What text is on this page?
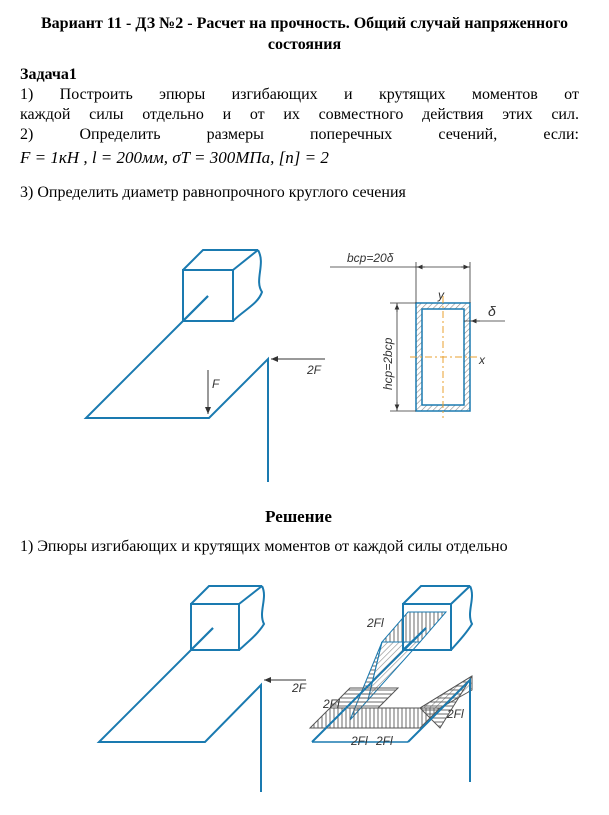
Вариант 11 - ДЗ №2 - Расчет на прочность. Общий случай напряженного
состояния
Задача1
1) Построить эпюры изгибающих и крутящих моментов от
каждой силы отдельно и от их совместного действия этих сил.
2)	Определить	размеры	поперечных	сечений,	если:
F = 1кН , l = 200мм, σT = 300МПа, [n] = 2
3) Определить диаметр равнопрочного круглого сечения
F
2F
bср=20δ
hср=2bср
δ
y
x
2F
2Fl
2Fl
2Fl
2Fl 2Fl
Решение
1) Эпюры изгибающих и крутящих моментов от каждой силы отдельно
